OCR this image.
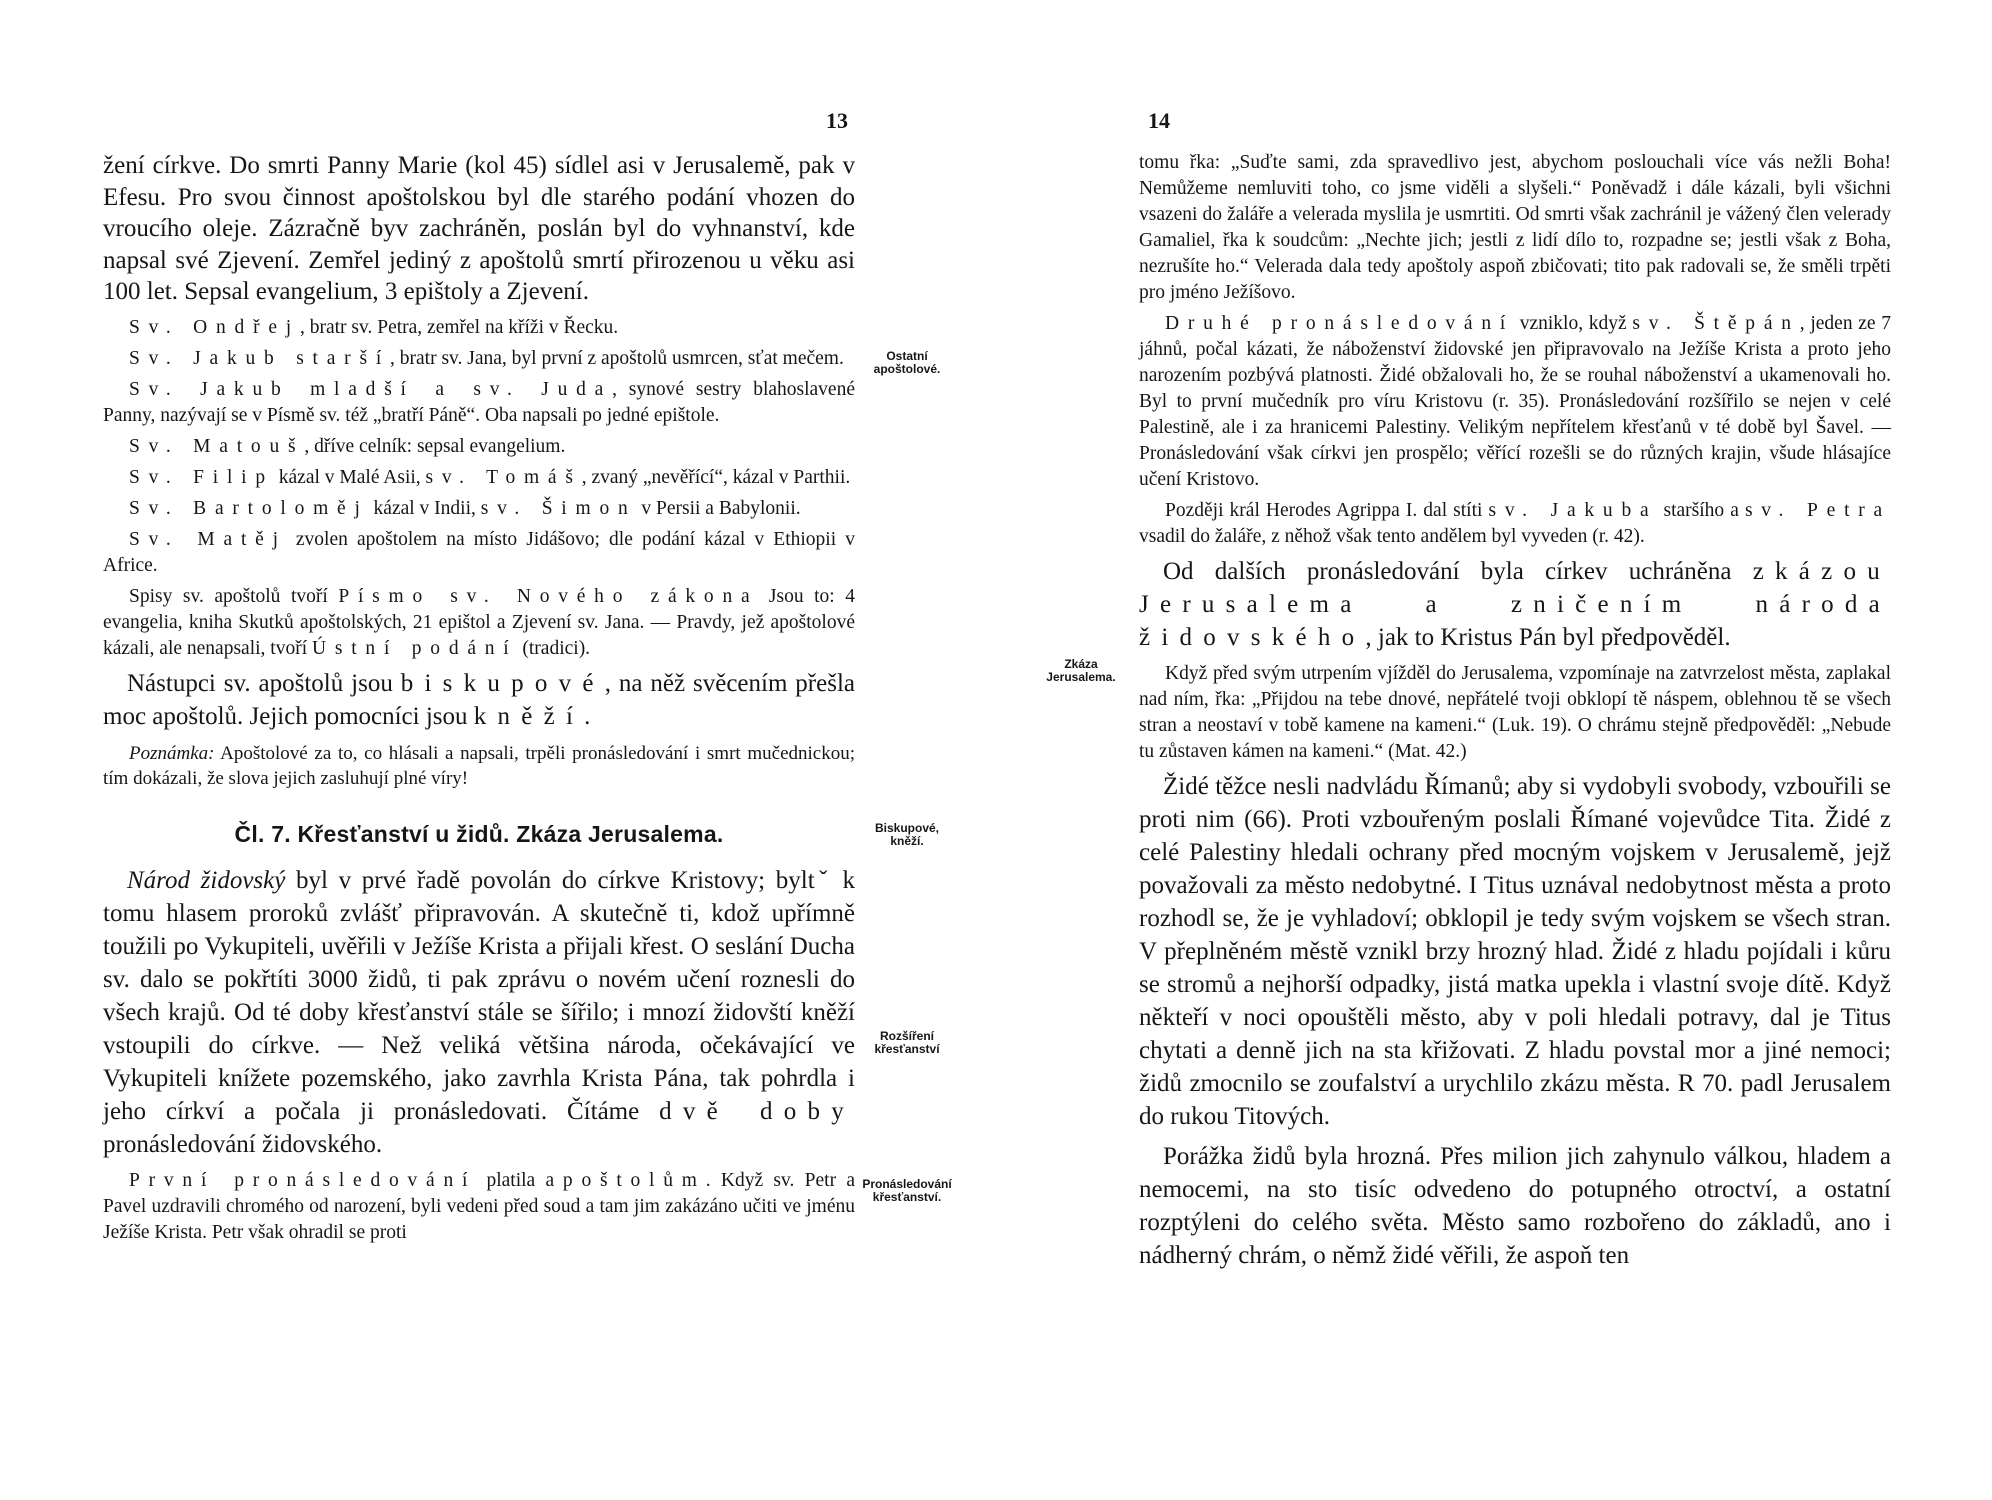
13
Ostatní apoštolové.
Biskupové, kněží.
Rozšíření křesťanství
Pronásledování křesťanství.

žení církve. Do smrti Panny Marie (kol 45) sídlel asi v Jerusalemě, pak v Efesu. Pro svou činnost apoštolskou byl dle starého podání vhozen do vroucího oleje. Zázračně byv zachráněn, poslán byl do vyhnanství, kde napsal své Zjevení. Zemřel jediný z apoštolů smrtí přirozenou u věku asi 100 let. Sepsal evangelium, 3 epištoly a Zjevení.

Sv. Ondřej, bratr sv. Petra, zemřel na kříži v Řecku.

Sv. Jakub starší, bratr sv. Jana, byl první z apoštolů usmrcen, sťat mečem.

Sv. Jakub mladší a sv. Juda, synové sestry blahoslavené Panny, nazývají se v Písmě sv. též „bratří Páně“. Oba napsali po jedné epištole.

Sv. Matouš, dříve celník: sepsal evangelium.

Sv. Filip kázal v Malé Asii, sv. Tomáš, zvaný „nevěřící“, kázal v Parthii.

Sv. Bartoloměj kázal v Indii, sv. Šimon v Persii a Babylonii.

Sv. Matěj zvolen apoštolem na místo Jidášovo; dle podání kázal v Ethiopii v Africe.

Spisy sv. apoštolů tvoří Písmo sv. Nového zákona Jsou to: 4 evangelia, kniha Skutků apoštolských, 21 epištol a Zjevení sv. Jana. — Pravdy, jež apoštolové kázali, ale nenapsali, tvoří Ústní podání (tradici).

Nástupci sv. apoštolů jsou biskupové, na něž svěcením přešla moc apoštolů. Jejich pomocníci jsou kněží.

Poznámka: Apoštolové za to, co hlásali a napsali, trpěli pronásledování i smrt mučednickou; tím dokázali, že slova jejich zasluhují plné víry!

Čl. 7. Křesťanství u židů. Zkáza Jerusalema.

Národ židovský byl v prvé řadě povolán do církve Kristovy; byltˇ k tomu hlasem proroků zvlášť připravován. A skutečně ti, kdož upřímně toužili po Vykupiteli, uvěřili v Ježíše Krista a přijali křest. O seslání Ducha sv. dalo se pokřtíti 3000 židů, ti pak zprávu o novém učení roznesli do všech krajů. Od té doby křesťanství stále se šířilo; i mnozí židovští kněží vstoupili do církve. — Než veliká většina národa, očekávající ve Vykupiteli knížete pozemského, jako zavrhla Krista Pána, tak pohrdla i jeho církví a počala ji pronásledovati. Čítáme dvě doby pronásledování židovského.

První pronásledování platila apoštolům. Když sv. Petr a Pavel uzdravili chromého od narození, byli vedeni před soud a tam jim zakázáno učiti ve jménu Ježíše Krista. Petr však ohradil se proti

14
Zkáza Jerusalema.

tomu řka: „Suďte sami, zda spravedlivo jest, abychom poslouchali více vás nežli Boha! Nemůžeme nemluviti toho, co jsme viděli a slyšeli.“ Poněvadž i dále kázali, byli všichni vsazeni do žaláře a velerada myslila je usmrtiti. Od smrti však zachránil je vážený člen velerady Gamaliel, řka k soudcům: „Nechte jich; jestli z lidí dílo to, rozpadne se; jestli však z Boha, nezrušíte ho.“ Velerada dala tedy apoštoly aspoň zbičovati; tito pak radovali se, že směli trpěti pro jméno Ježíšovo.

Druhé pronásledování vzniklo, když sv. Štěpán, jeden ze 7 jáhnů, počal kázati, že náboženství židovské jen připravovalo na Ježíše Krista a proto jeho narozením pozbývá platnosti. Židé obžalovali ho, že se rouhal náboženství a ukamenovali ho. Byl to první mučedník pro víru Kristovu (r. 35). Pronásledování rozšířilo se nejen v celé Palestině, ale i za hranicemi Palestiny. Velikým nepřítelem křesťanů v té době byl Šavel. — Pronásledování však církvi jen prospělo; věřící rozešli se do různých krajin, všude hlásajíce učení Kristovo.

Později král Herodes Agrippa I. dal stíti sv. Jakuba staršího a sv. Petra vsadil do žaláře, z něhož však tento andělem byl vyveden (r. 42).

Od dalších pronásledování byla církev uchráněna zkázou Jerusalema a zničením národa židovského, jak to Kristus Pán byl předpověděl.

Když před svým utrpením vjížděl do Jerusalema, vzpomínaje na zatvrzelost města, zaplakal nad ním, řka: „Přijdou na tebe dnové, nepřátelé tvoji obklopí tě náspem, oblehnou tě se všech stran a neostaví v tobě kamene na kameni.“ (Luk. 19). O chrámu stejně předpověděl: „Nebude tu zůstaven kámen na kameni.“ (Mat. 42.)

Židé těžce nesli nadvládu Římanů; aby si vydobyli svobody, vzbouřili se proti nim (66). Proti vzbouřeným poslali Římané vojevůdce Tita. Židé z celé Palestiny hledali ochrany před mocným vojskem v Jerusalemě, jejž považovali za město nedobytné. I Titus uznával nedobytnost města a proto rozhodl se, že je vyhladoví; obklopil je tedy svým vojskem se všech stran. V přeplněném městě vznikl brzy hrozný hlad. Židé z hladu pojídali i kůru se stromů a nejhorší odpadky, jistá matka upekla i vlastní svoje dítě. Když někteří v noci opouštěli město, aby v poli hledali potravy, dal je Titus chytati a denně jich na sta křižovati. Z hladu povstal mor a jiné nemoci; židů zmocnilo se zoufalství a urychlilo zkázu města. R 70. padl Jerusalem do rukou Titových.

Porážka židů byla hrozná. Přes milion jich zahynulo válkou, hladem a nemocemi, na sto tisíc odvedeno do potupného otroctví, a ostatní rozptýleni do celého světa. Město samo rozbořeno do základů, ano i nádherný chrám, o němž židé věřili, že aspoň ten
